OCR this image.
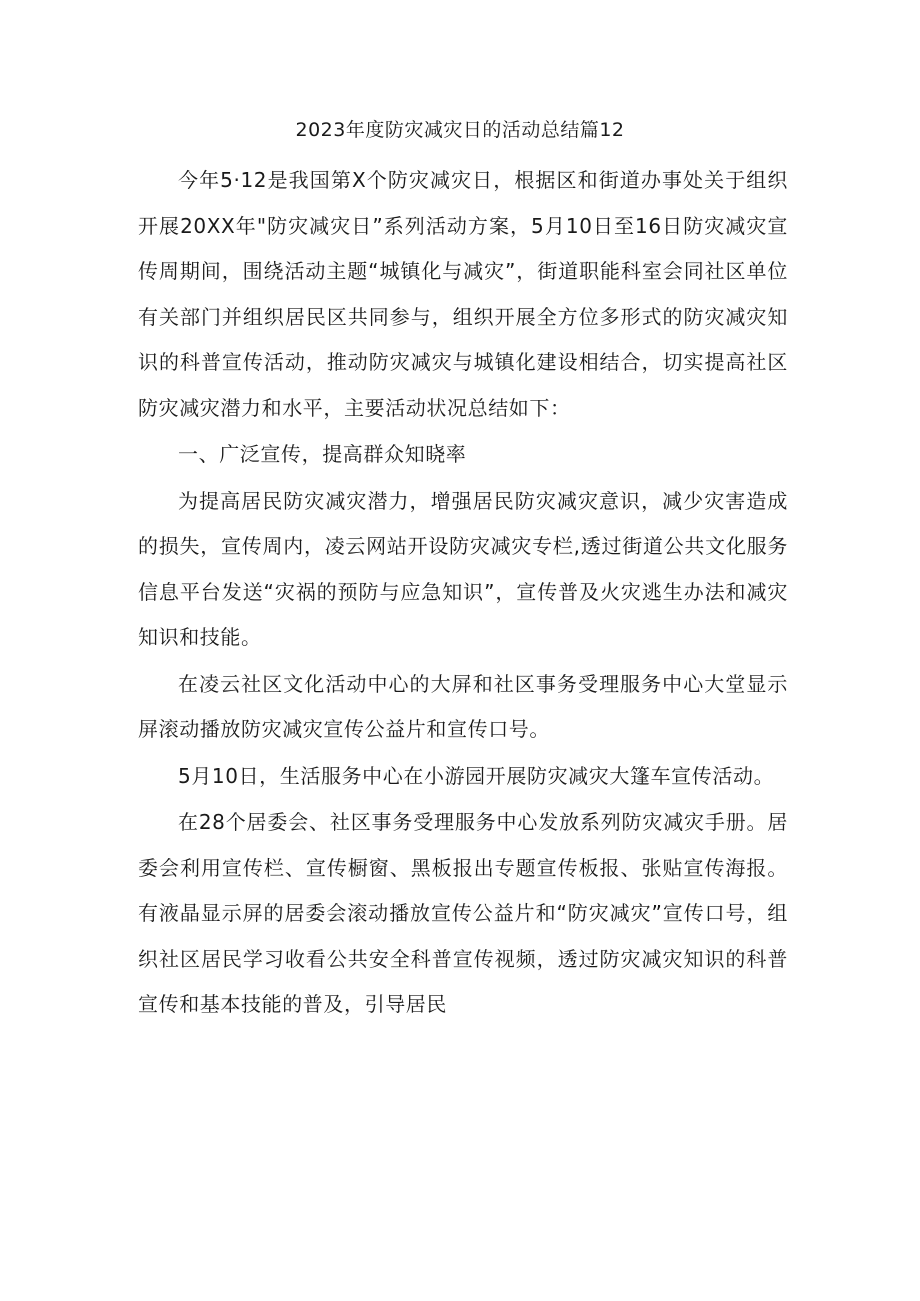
2023年度防灾减灾日的活动总结篇12

今年5·12是我国第X个防灾减灾日，根据区和街道办事处关于组织开展20XX年"防灾减灾日”系列活动方案，5月10日至16日防灾减灾宣传周期间，围绕活动主题“城镇化与减灾”，街道职能科室会同社区单位有关部门并组织居民区共同参与，组织开展全方位多形式的防灾减灾知识的科普宣传活动，推动防灾减灾与城镇化建设相结合，切实提高社区防灾减灾潜力和水平，主要活动状况总结如下：

一、广泛宣传，提高群众知晓率

为提高居民防灾减灾潜力，增强居民防灾减灾意识，减少灾害造成的损失，宣传周内，凌云网站开设防灾减灾专栏,透过街道公共文化服务信息平台发送“灾祸的预防与应急知识”，宣传普及火灾逃生办法和减灾知识和技能。

在凌云社区文化活动中心的大屏和社区事务受理服务中心大堂显示屏滚动播放防灾减灾宣传公益片和宣传口号。

5月10日，生活服务中心在小游园开展防灾减灾大篷车宣传活动。

在28个居委会、社区事务受理服务中心发放系列防灾减灾手册。居委会利用宣传栏、宣传橱窗、黑板报出专题宣传板报、张贴宣传海报。有液晶显示屏的居委会滚动播放宣传公益片和“防灾减灾”宣传口号，组织社区居民学习收看公共安全科普宣传视频，透过防灾减灾知识的科普宣传和基本技能的普及，引导居民
